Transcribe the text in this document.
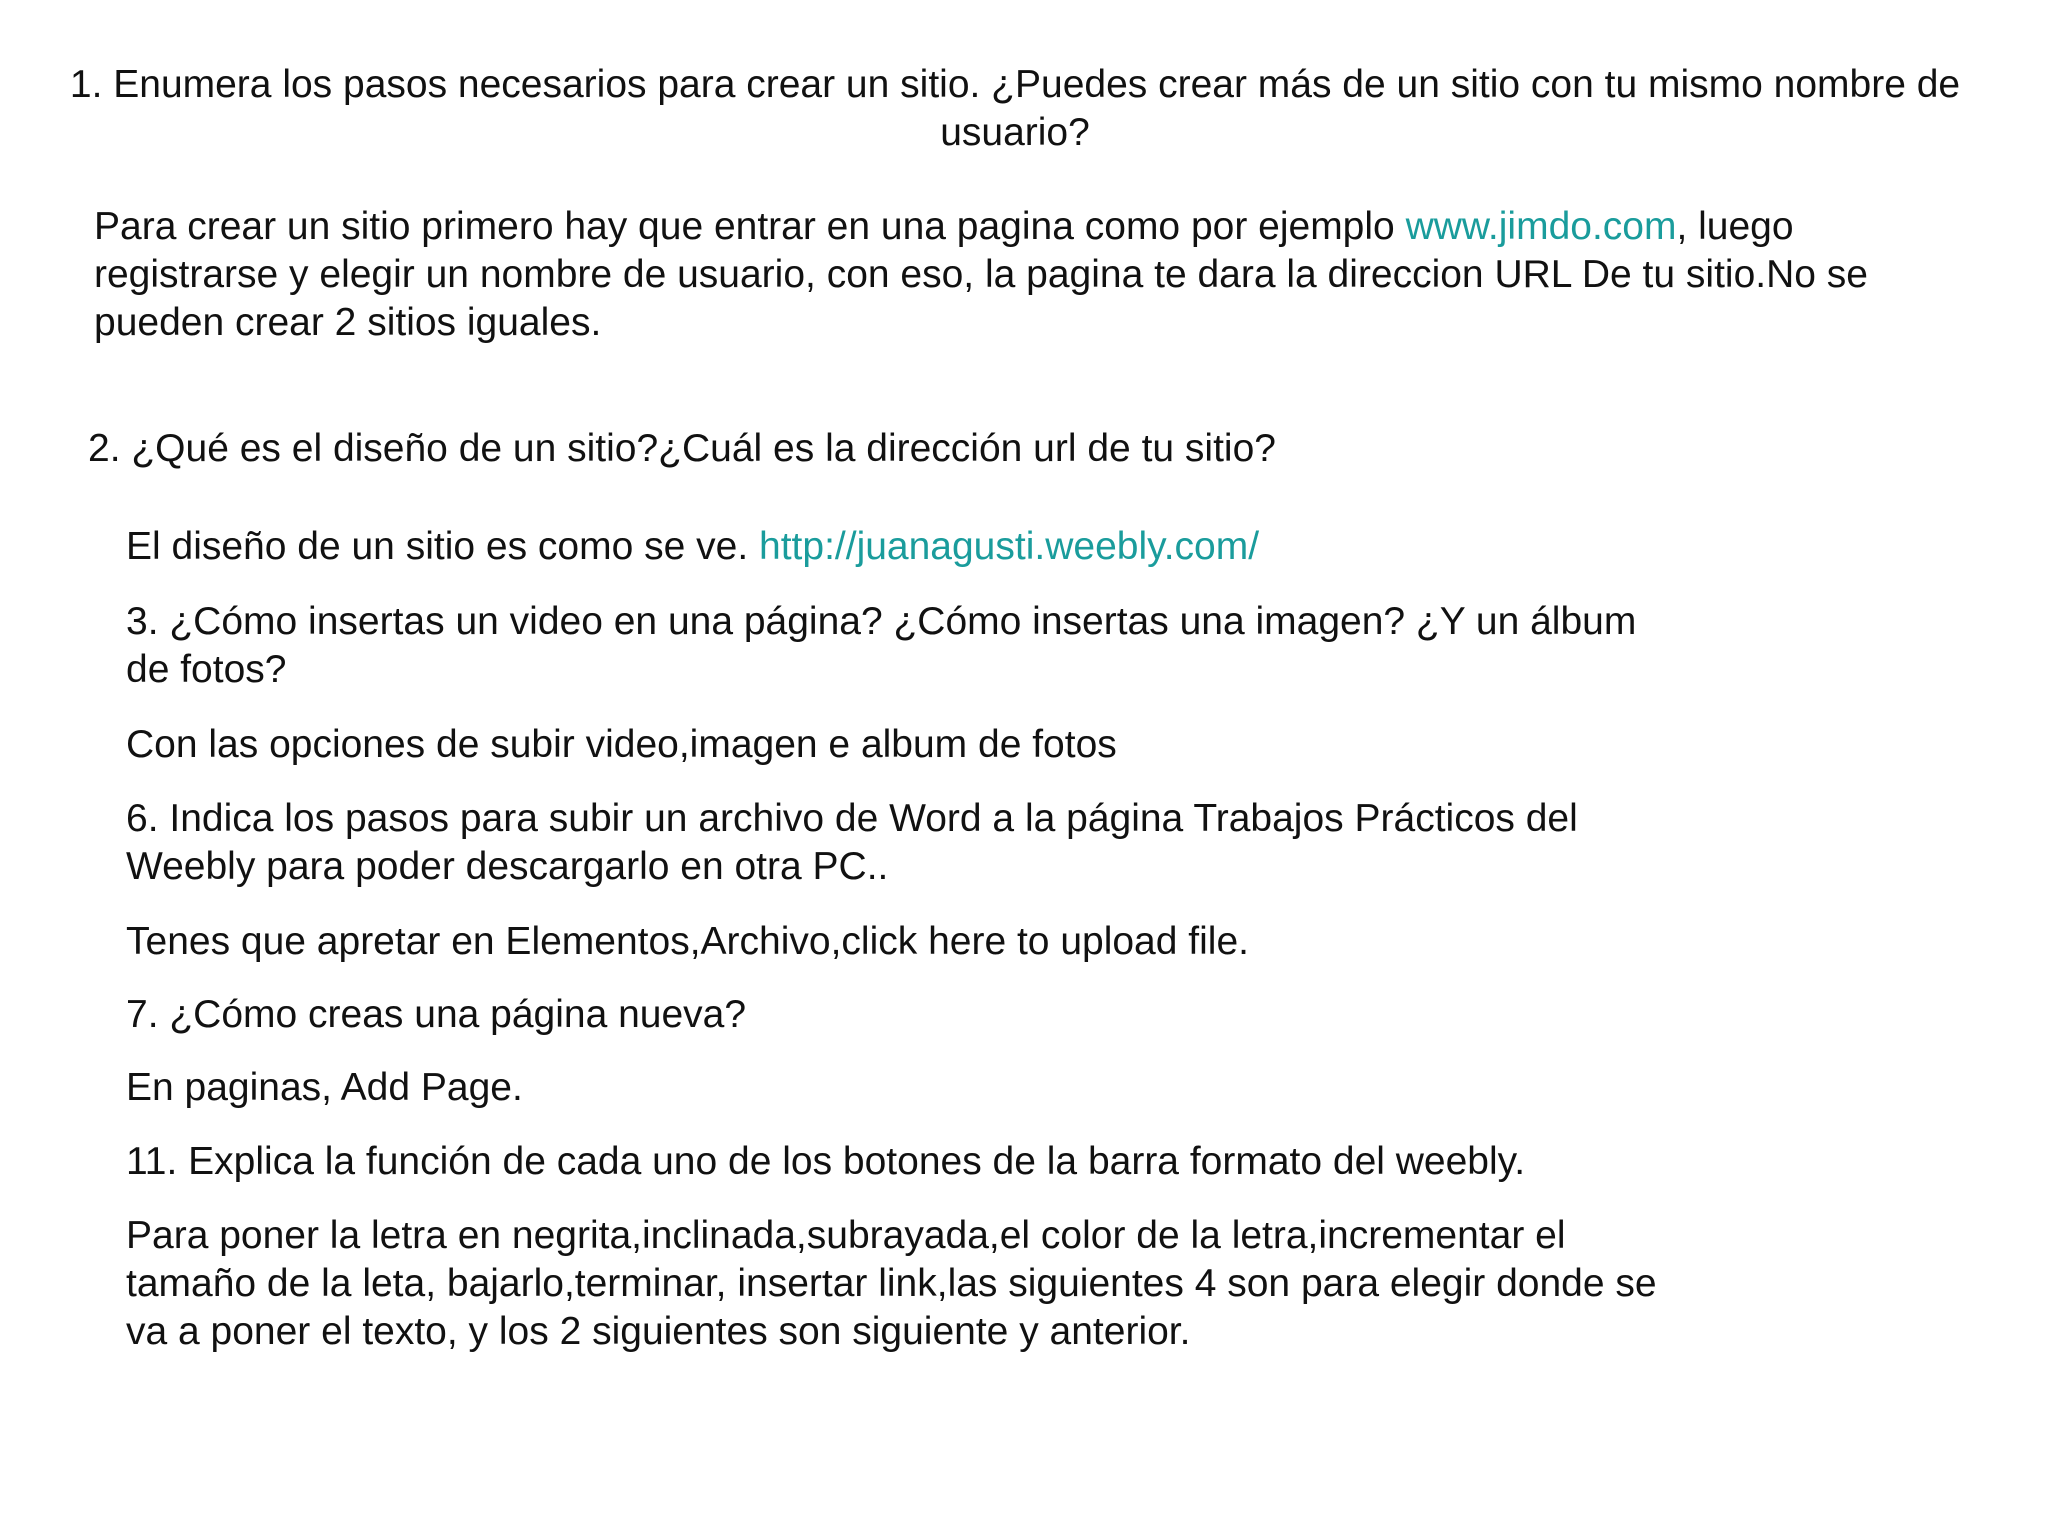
1. Enumera los pasos necesarios para crear un sitio. ¿Puedes crear más de un sitio con tu mismo nombre de
usuario?
Para crear un sitio primero hay que entrar en una pagina como por ejemplo www.jimdo.com, luego
registrarse y elegir un nombre de usuario, con eso, la pagina te dara la direccion URL De tu sitio.No se
pueden crear 2 sitios iguales.
2. ¿Qué es el diseño de un sitio?¿Cuál es la dirección url de tu sitio?
El diseño de un sitio es como se ve. http://juanagusti.weebly.com/
3. ¿Cómo insertas un video en una página? ¿Cómo insertas una imagen? ¿Y un álbum
de fotos?
Con las opciones de subir video,imagen e album de fotos
6. Indica los pasos para subir un archivo de Word a la página Trabajos Prácticos del
Weebly para poder descargarlo en otra PC..
Tenes que apretar en Elementos,Archivo,click here to upload file.
7. ¿Cómo creas una página nueva?
En paginas, Add Page.
11. Explica la función de cada uno de los botones de la barra formato del weebly.
Para poner la letra en negrita,inclinada,subrayada,el color de la letra,incrementar el
tamaño de la leta, bajarlo,terminar, insertar link,las siguientes 4 son para elegir donde se
va a poner el texto, y los 2 siguientes son siguiente y anterior.
